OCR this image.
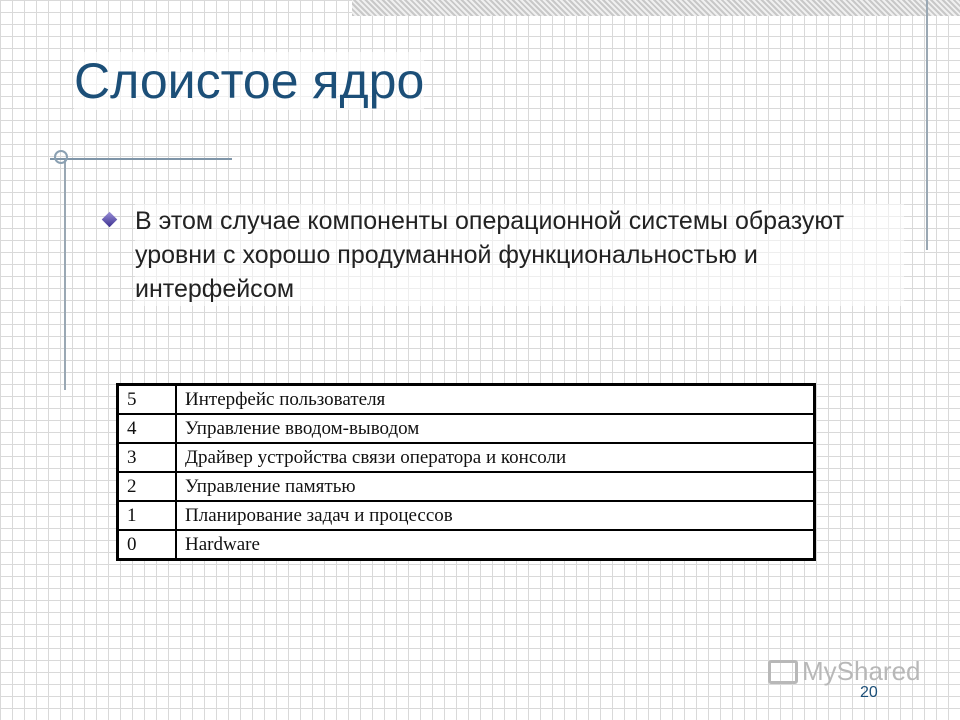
Слоистое ядро
В этом случае компоненты операционной системы образуют уровни с хорошо продуманной функциональностью и интерфейсом
5	Интерфейс пользователя
4	Управление вводом-выводом
3	Драйвер устройства связи оператора и консоли
2	Управление памятью
1	Планирование задач и процессов
0	Hardware
MyShared
20
